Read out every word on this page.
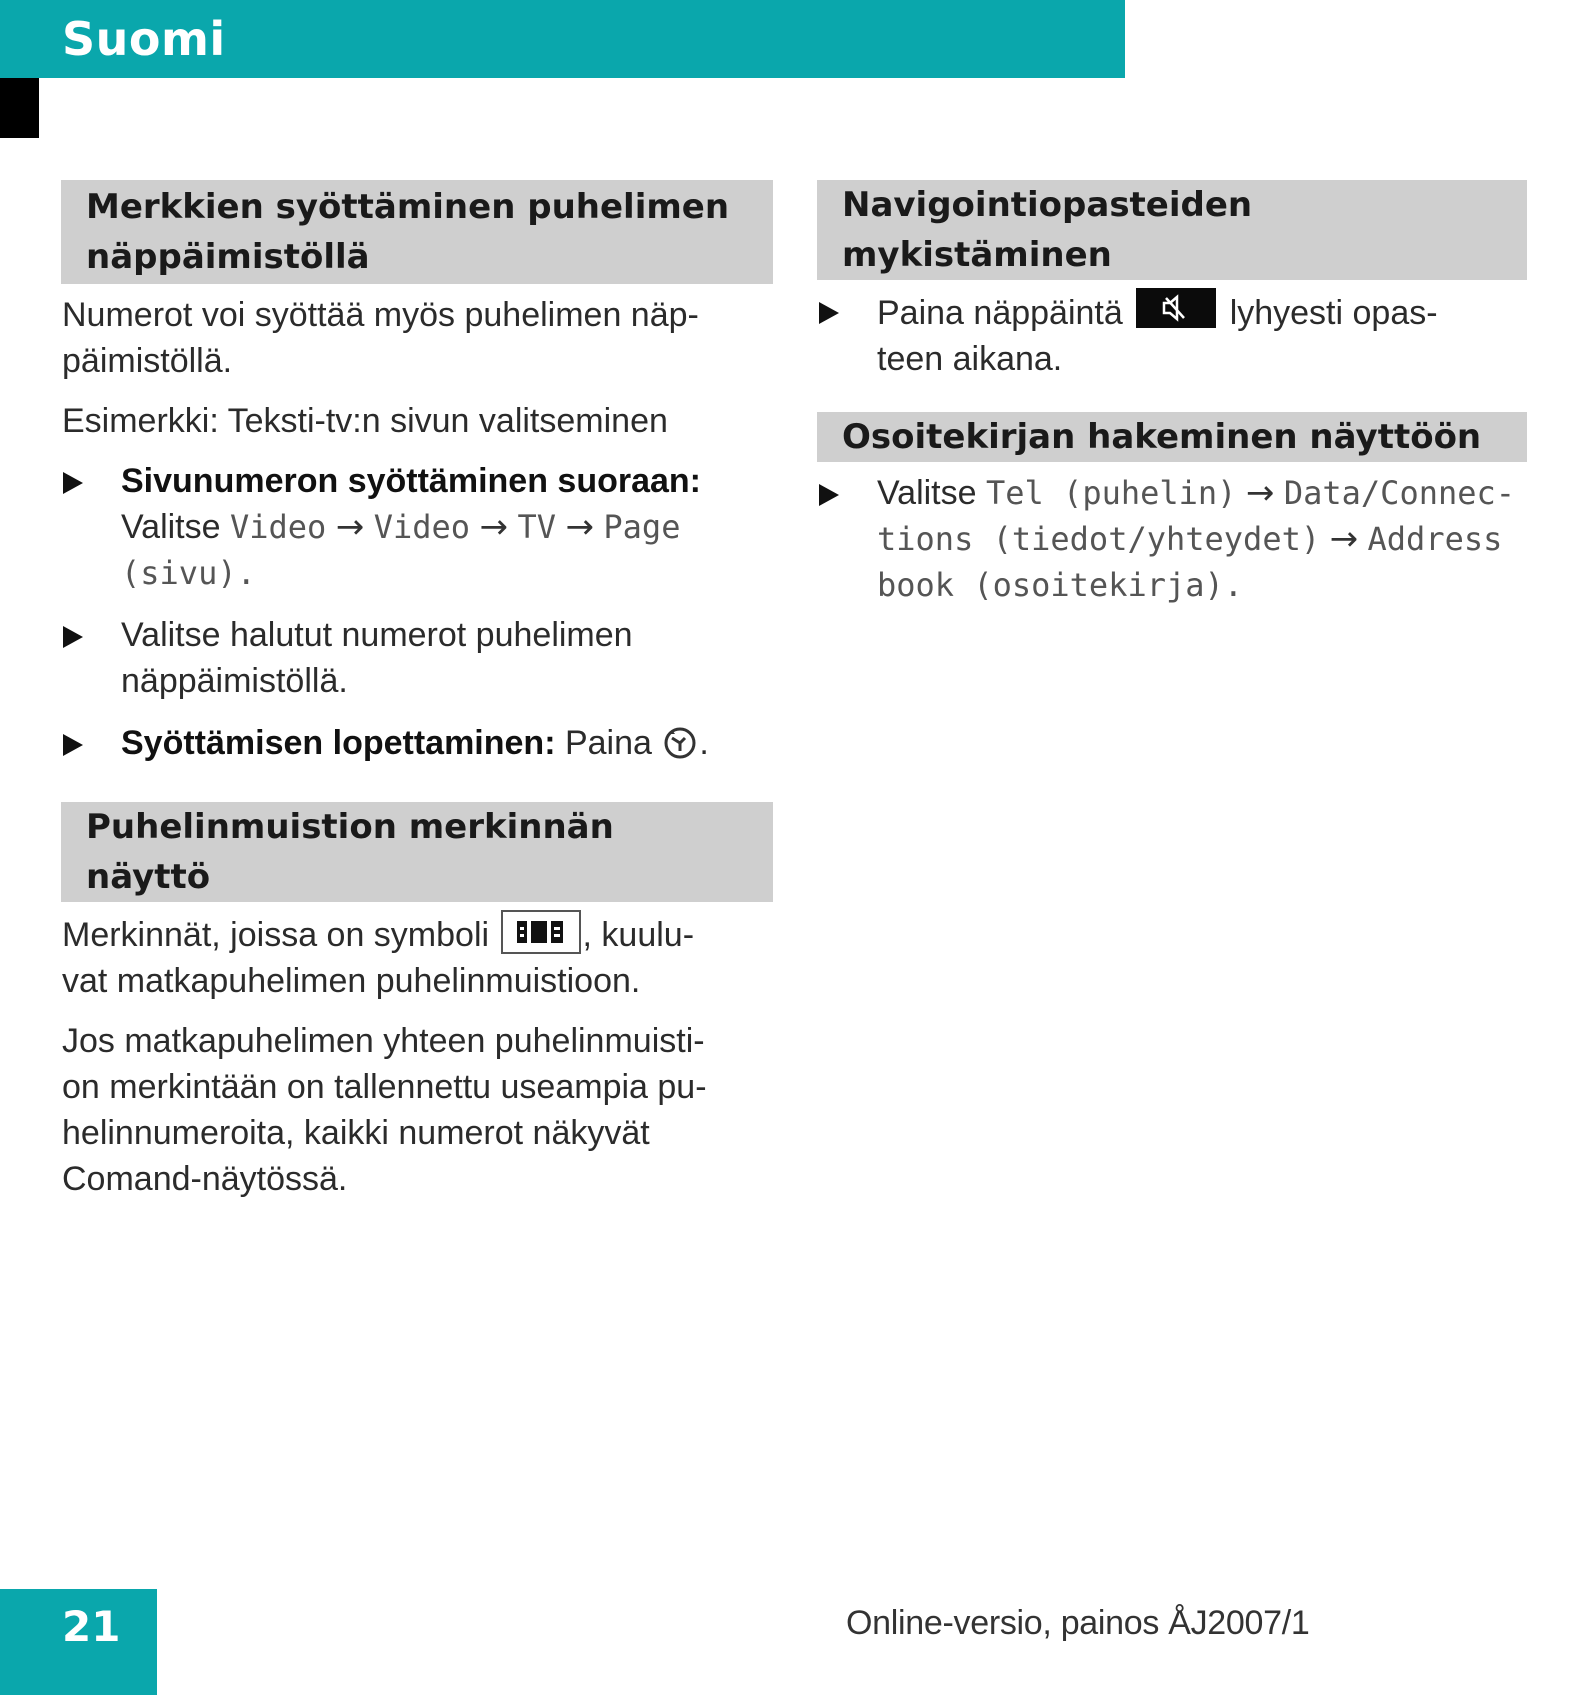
Suomi
Merkkien syöttäminen puhelimen
näppäimistöllä

Numerot voi syöttää myös puhelimen näp-
päimistöllä.

Esimerkki: Teksti-tv:n sivun valitseminen

Sivunumeron syöttäminen suoraan:
Valitse Video → Video → TV → Page
(sivu).
Valitse halutut numerot puhelimen
näppäimistöllä.
Syöttämisen lopettaminen: Paina .
Puhelinmuistion merkinnän näyttö

Merkinnät, joissa on symboli	, kuulu-
vat matkapuhelimen puhelinmuistioon.

Jos matkapuhelimen yhteen puhelinmuisti-
on merkintään on tallennettu useampia pu-
helinnumeroita, kaikki numerot näkyvät
Comand-näytössä.

Navigointiopasteiden mykistäminen
Paina näppäintä	lyhyesti opas-
teen aikana.
Osoitekirjan hakeminen näyttöön
Valitse Tel (puhelin) → Data/Connec-
tions (tiedot/yhteydet) → Address
book (osoitekirja).
21	Online-versio, painos ÅJ2007/1
